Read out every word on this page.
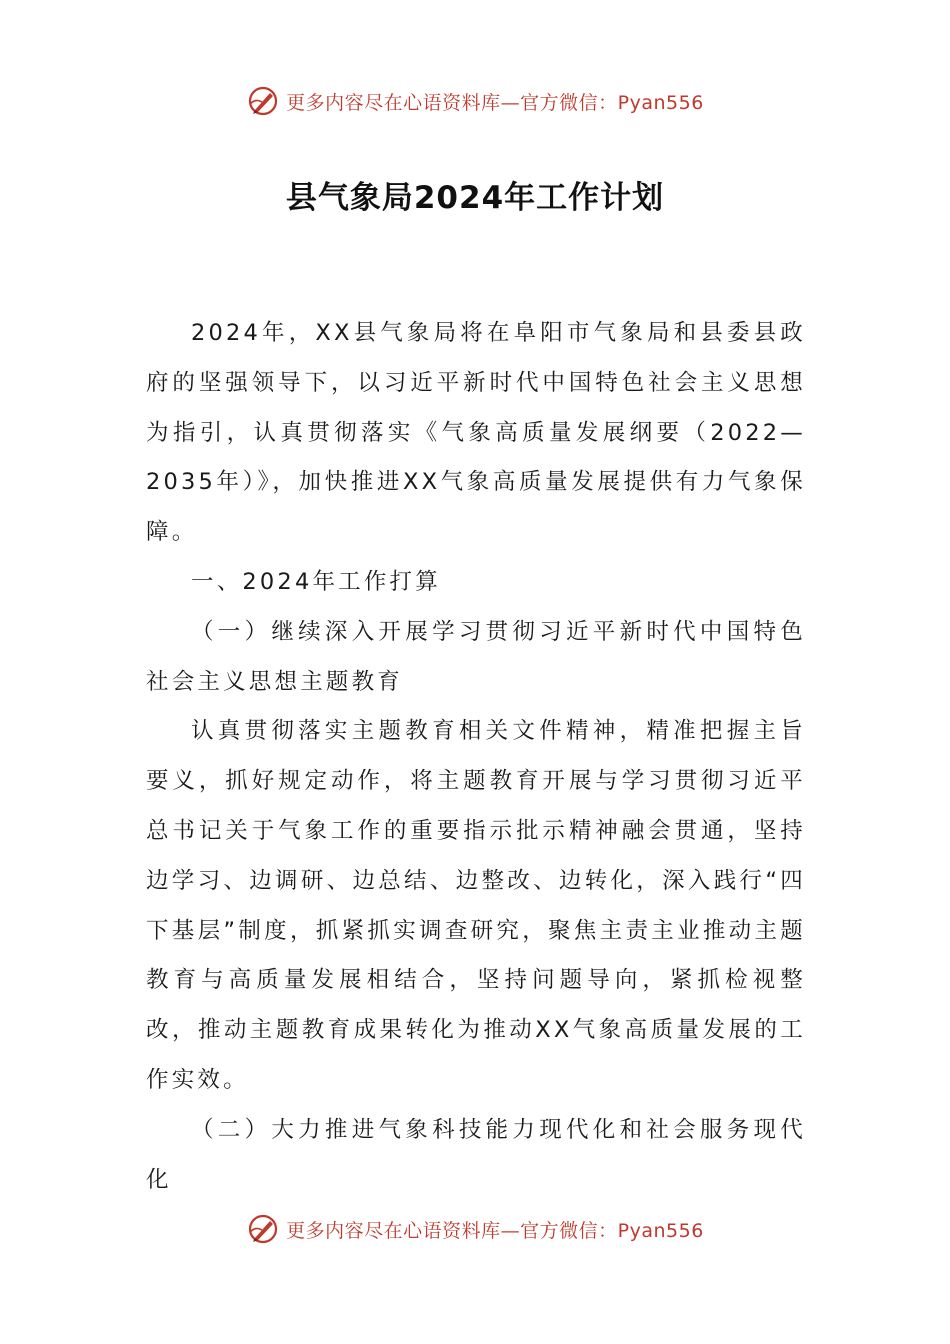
更多内容尽在心语资料库—官方微信：Pyan556
县气象局2024年工作计划

2024年，XX县气象局将在阜阳市气象局和县委县政府的坚强领导下，以习近平新时代中国特色社会主义思想为指引，认真贯彻落实《气象高质量发展纲要（2022—2035年）》，加快推进XX气象高质量发展提供有力气象保障。

一、2024年工作打算

（一）继续深入开展学习贯彻习近平新时代中国特色社会主义思想主题教育

认真贯彻落实主题教育相关文件精神，精准把握主旨要义，抓好规定动作，将主题教育开展与学习贯彻习近平总书记关于气象工作的重要指示批示精神融会贯通，坚持边学习、边调研、边总结、边整改、边转化，深入践行“四下基层”制度，抓紧抓实调查研究，聚焦主责主业推动主题教育与高质量发展相结合，坚持问题导向，紧抓检视整改，推动主题教育成果转化为推动XX气象高质量发展的工作实效。

（二）大力推进气象科技能力现代化和社会服务现代化

更多内容尽在心语资料库—官方微信：Pyan556
